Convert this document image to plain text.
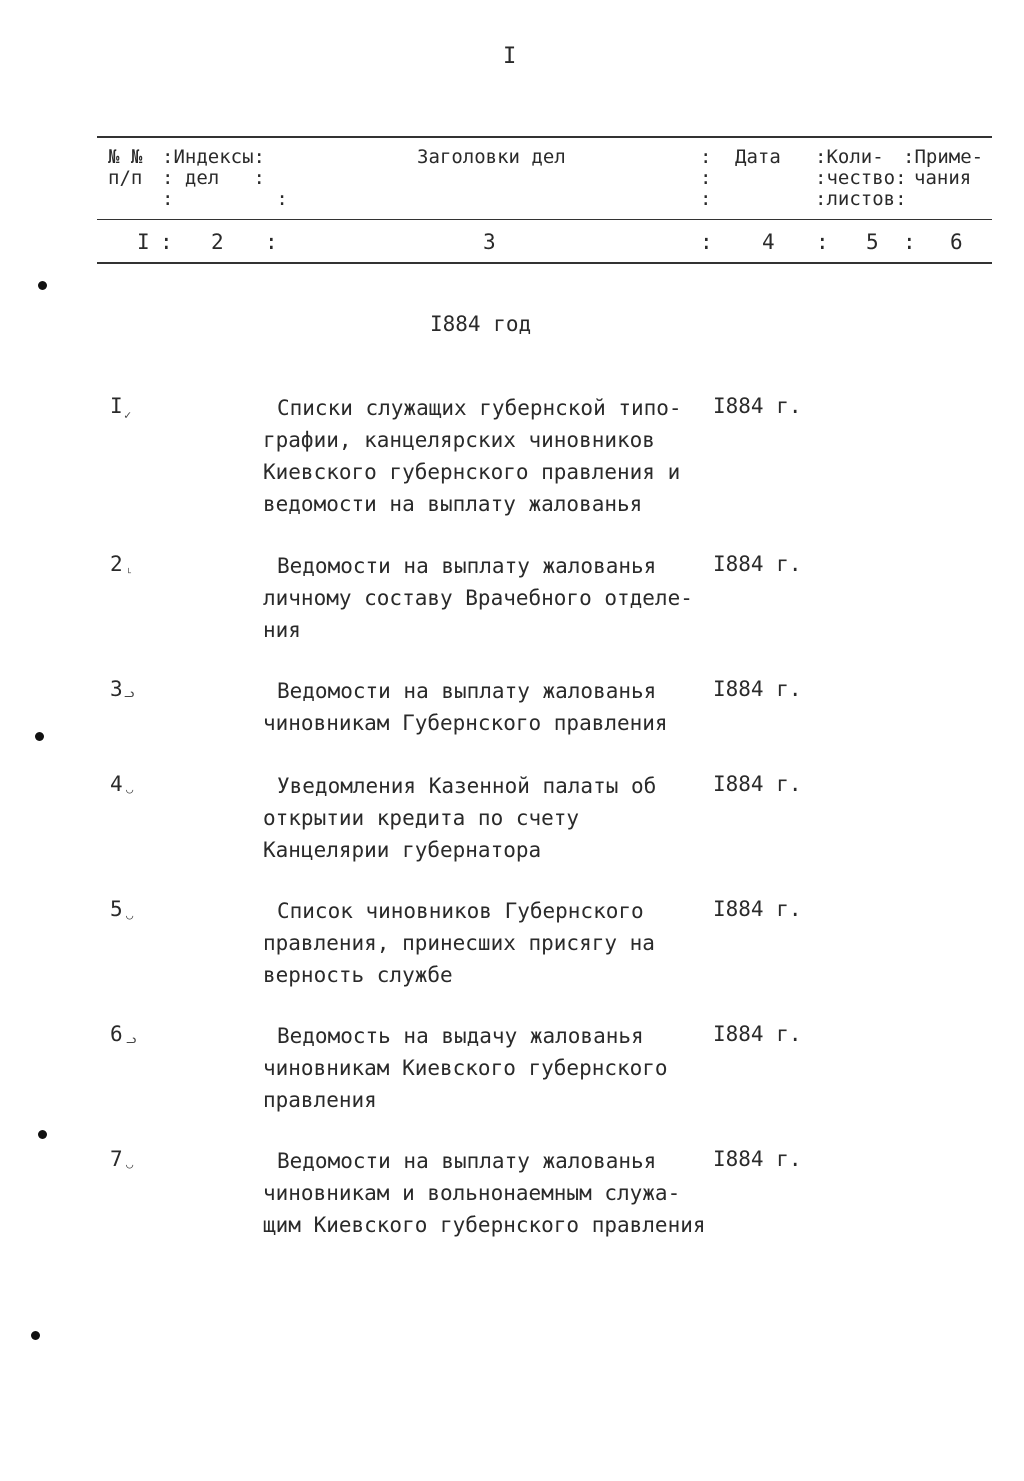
I
№ №
п/п
:Индексы:
: дел   :
:         :
Заголовки дел	:
:
:
Дата :Коли-
:чество:
:листов:
:Приме-
чания
I : 2 :	3	: 4 : 5 : 6
I884 год
I ✓	Списки служащих губернской типо-
графии, канцелярских чиновников
Киевского губернского правления и
ведомости на выплату жалованья
I884 г.
2 ˪	Ведомости на выплату жалованья
личному составу Врачебного отделе-
ния
I884 г.
3 ᓗ	Ведомости на выплату жалованья
чиновникам Губернского правления
I884 г.
4 ◡	Уведомления Казенной палаты об
открытии кредита по счету
Канцелярии губернатора
I884 г.
5 ◡	Список чиновников Губернского
правления, принесших присягу на
верность службе
I884 г.
6 ᓗ	Ведомость на выдачу жалованья
чиновникам Киевского губернского
правления
I884 г.
7 ◡	Ведомости на выплату жалованья
чиновникам и вольнонаемным служа-
щим Киевского губернского правления
I884 г.
